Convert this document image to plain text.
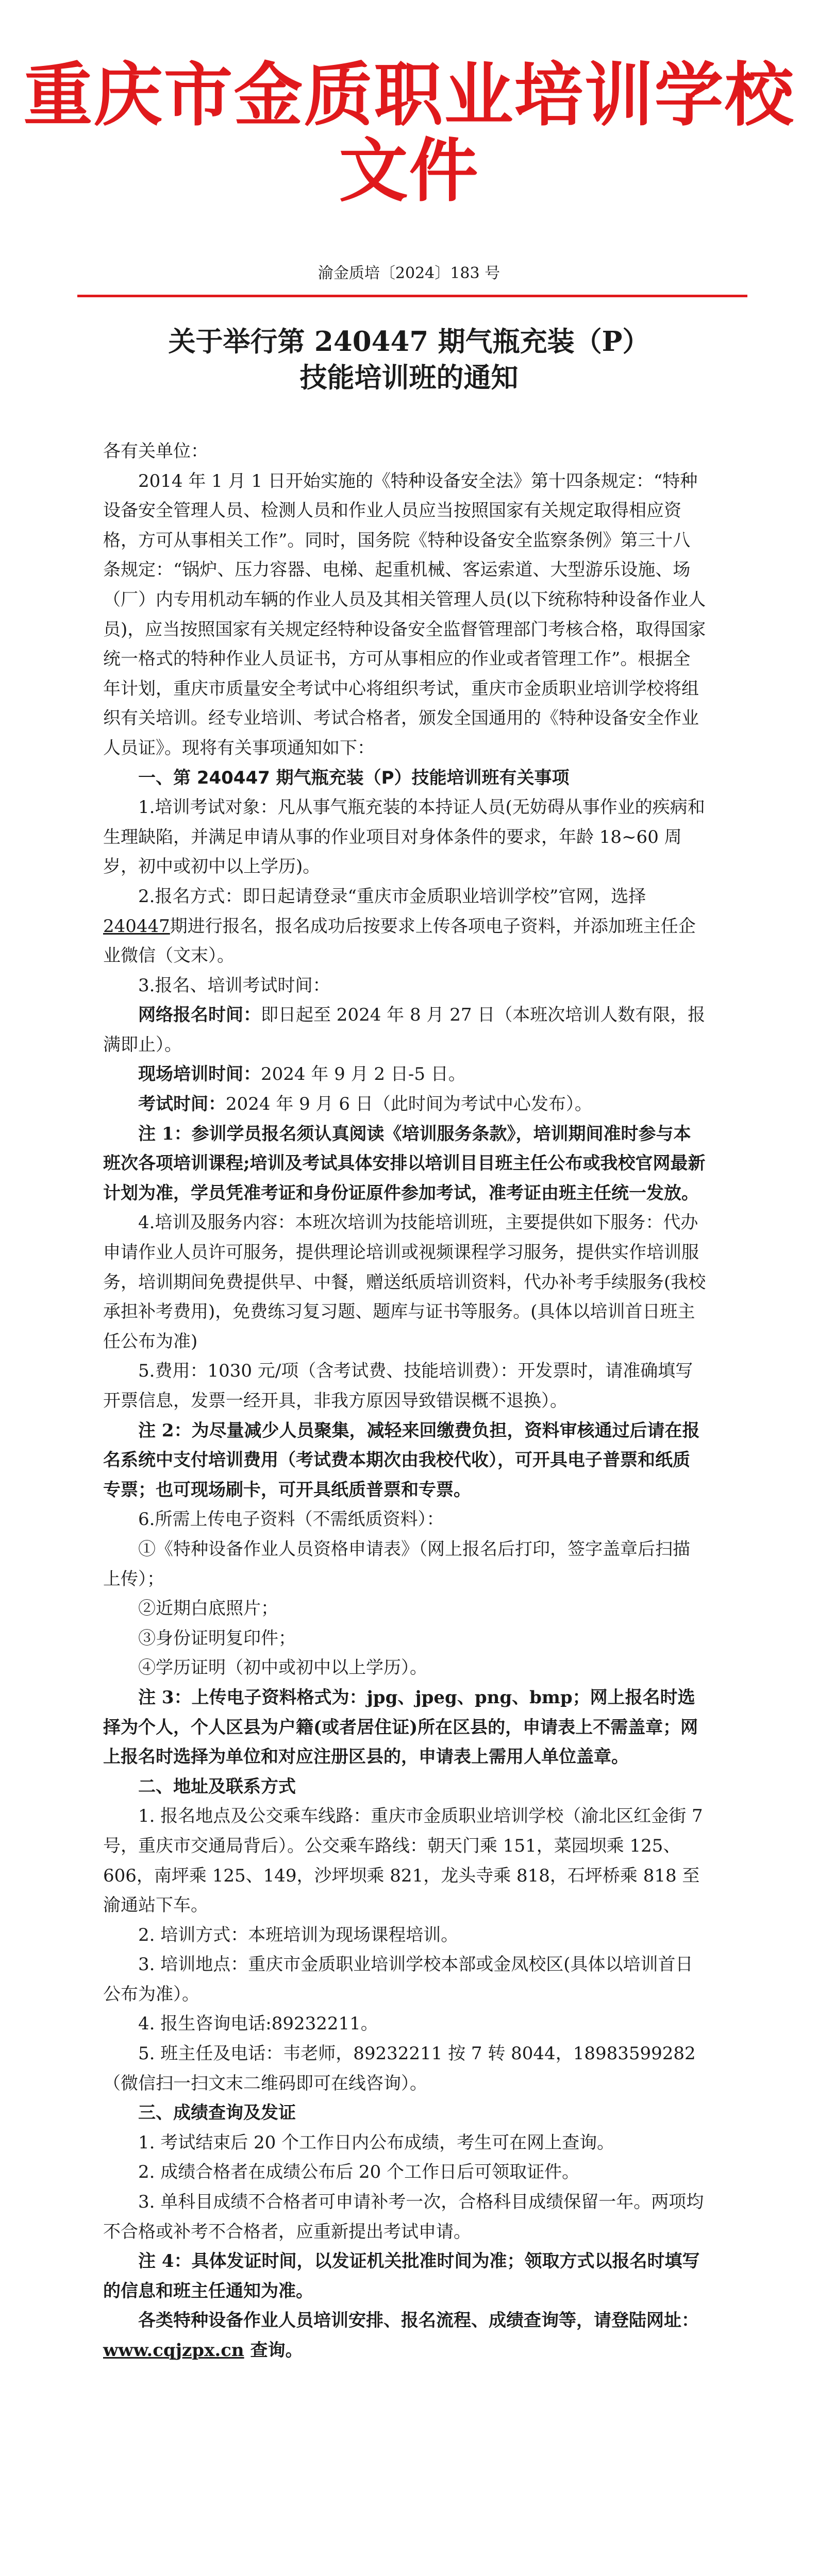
重庆市金质职业培训学校文件
渝金质培〔2024〕183 号
关于举行第 240447 期气瓶充装（P）
技能培训班的通知

各有关单位：

2014 年 1 月 1 日开始实施的《特种设备安全法》第十四条规定：“特种设备安全管理人员、检测人员和作业人员应当按照国家有关规定取得相应资格，方可从事相关工作”。同时，国务院《特种设备安全监察条例》第三十八条规定：“锅炉、压力容器、电梯、起重机械、客运索道、大型游乐设施、场（厂）内专用机动车辆的作业人员及其相关管理人员(以下统称特种设备作业人员)，应当按照国家有关规定经特种设备安全监督管理部门考核合格，取得国家统一格式的特种作业人员证书，方可从事相应的作业或者管理工作”。根据全年计划，重庆市质量安全考试中心将组织考试，重庆市金质职业培训学校将组织有关培训。经专业培训、考试合格者，颁发全国通用的《特种设备安全作业人员证》。现将有关事项通知如下：

一、第 240447 期气瓶充装（P）技能培训班有关事项

1.培训考试对象：凡从事气瓶充装的本持证人员(无妨碍从事作业的疾病和生理缺陷，并满足申请从事的作业项目对身体条件的要求，年龄 18~60 周岁，初中或初中以上学历)。

2.报名方式：即日起请登录“重庆市金质职业培训学校”官网，选择240447期进行报名，报名成功后按要求上传各项电子资料，并添加班主任企业微信（文末）。

3.报名、培训考试时间：

网络报名时间：即日起至 2024 年 8 月 27 日（本班次培训人数有限，报满即止）。

现场培训时间：2024 年 9 月 2 日-5 日。

考试时间：2024 年 9 月 6 日（此时间为考试中心发布）。

注 1：参训学员报名须认真阅读《培训服务条款》，培训期间准时参与本班次各项培训课程;培训及考试具体安排以培训目目班主任公布或我校官网最新计划为准，学员凭准考证和身份证原件参加考试，准考证由班主任统一发放。

4.培训及服务内容：本班次培训为技能培训班，主要提供如下服务：代办申请作业人员许可服务，提供理论培训或视频课程学习服务，提供实作培训服务，培训期间免费提供早、中餐，赠送纸质培训资料，代办补考手续服务(我校承担补考费用)，免费练习复习题、题库与证书等服务。(具体以培训首日班主任公布为准)

5.费用：1030 元/项（含考试费、技能培训费）：开发票时，请准确填写开票信息，发票一经开具，非我方原因导致错误概不退换）。

注 2：为尽量减少人员聚集，减轻来回缴费负担，资料审核通过后请在报名系统中支付培训费用（考试费本期次由我校代收），可开具电子普票和纸质专票；也可现场刷卡，可开具纸质普票和专票。

6.所需上传电子资料（不需纸质资料）：

①《特种设备作业人员资格申请表》（网上报名后打印，签字盖章后扫描上传）；

②近期白底照片；

③身份证明复印件；

④学历证明（初中或初中以上学历）。

注 3：上传电子资料格式为：jpg、jpeg、png、bmp；网上报名时选择为个人，个人区县为户籍(或者居住证)所在区县的，申请表上不需盖章；网上报名时选择为单位和对应注册区县的，申请表上需用人单位盖章。

二、地址及联系方式

1. 报名地点及公交乘车线路：重庆市金质职业培训学校（渝北区红金街 7 号，重庆市交通局背后）。公交乘车路线：朝天门乘 151，菜园坝乘 125、606，南坪乘 125、149，沙坪坝乘 821，龙头寺乘 818，石坪桥乘 818 至渝通站下车。

2. 培训方式：本班培训为现场课程培训。

3. 培训地点：重庆市金质职业培训学校本部或金凤校区(具体以培训首日公布为准）。

4. 报生咨询电话:89232211。

5. 班主任及电话：韦老师，89232211 按 7 转 8044，18983599282（微信扫一扫文末二维码即可在线咨询）。

三、成绩查询及发证

1. 考试结束后 20 个工作日内公布成绩，考生可在网上查询。

2. 成绩合格者在成绩公布后 20 个工作日后可领取证件。

3. 单科目成绩不合格者可申请补考一次，合格科目成绩保留一年。两项均不合格或补考不合格者，应重新提出考试申请。

注 4：具体发证时间，以发证机关批准时间为准；领取方式以报名时填写的信息和班主任通知为准。

各类特种设备作业人员培训安排、报名流程、成绩查询等，请登陆网址：www.cqjzpx.cn 查询。
